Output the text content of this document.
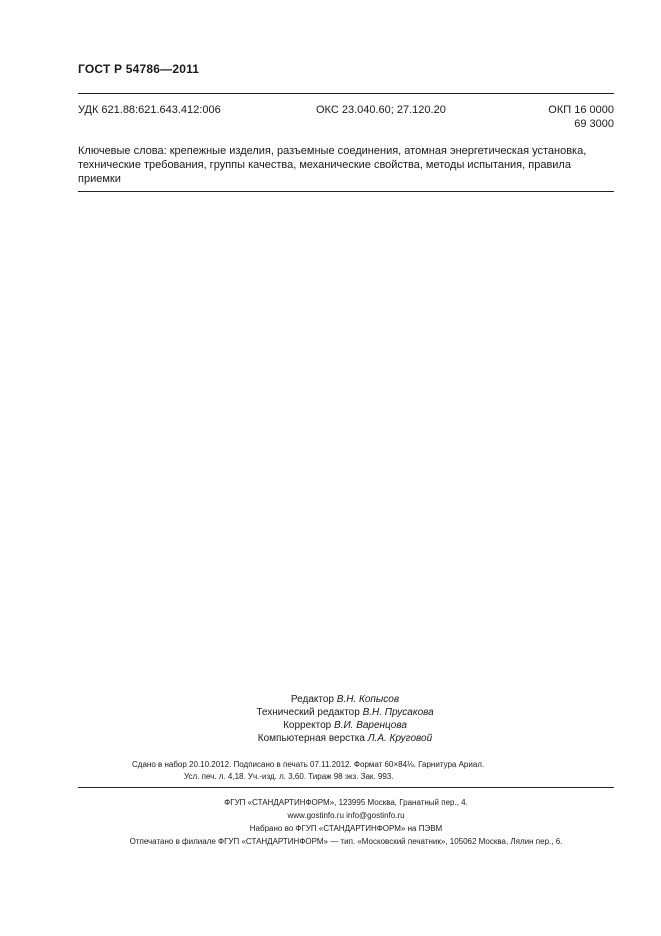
ГОСТ Р 54786—2011
УДК 621.88:621.643.412:006	ОКС 23.040.60; 27.120.20	ОКП 16 0000
69 3000
Ключевые слова: крепежные изделия, разъемные соединения, атомная энергетическая установка, технические требования, группы качества, механические свойства, методы испытания, правила приемки
Редактор В.Н. Копысов
Технический редактор В.Н. Прусакова
Корректор В.И. Варенцова
Компьютерная верстка Л.А. Круговой
Сдано в набор 20.10.2012. Подписано в печать 07.11.2012. Формат 60×84⅛. Гарнитура Ариал.
Усл. печ. л. 4,18. Уч.-изд. л. 3,60. Тираж 98 экз. Зак. 993.
ФГУП «СТАНДАРТИНФОРМ», 123995 Москва, Гранатный пер., 4.
www.gostinfo.ru info@gostinfo.ru
Набрано во ФГУП «СТАНДАРТИНФОРМ» на ПЭВМ
Отпечатано в филиале ФГУП «СТАНДАРТИНФОРМ» — тип. «Московский печатник», 105062 Москва, Лялин пер., 6.
